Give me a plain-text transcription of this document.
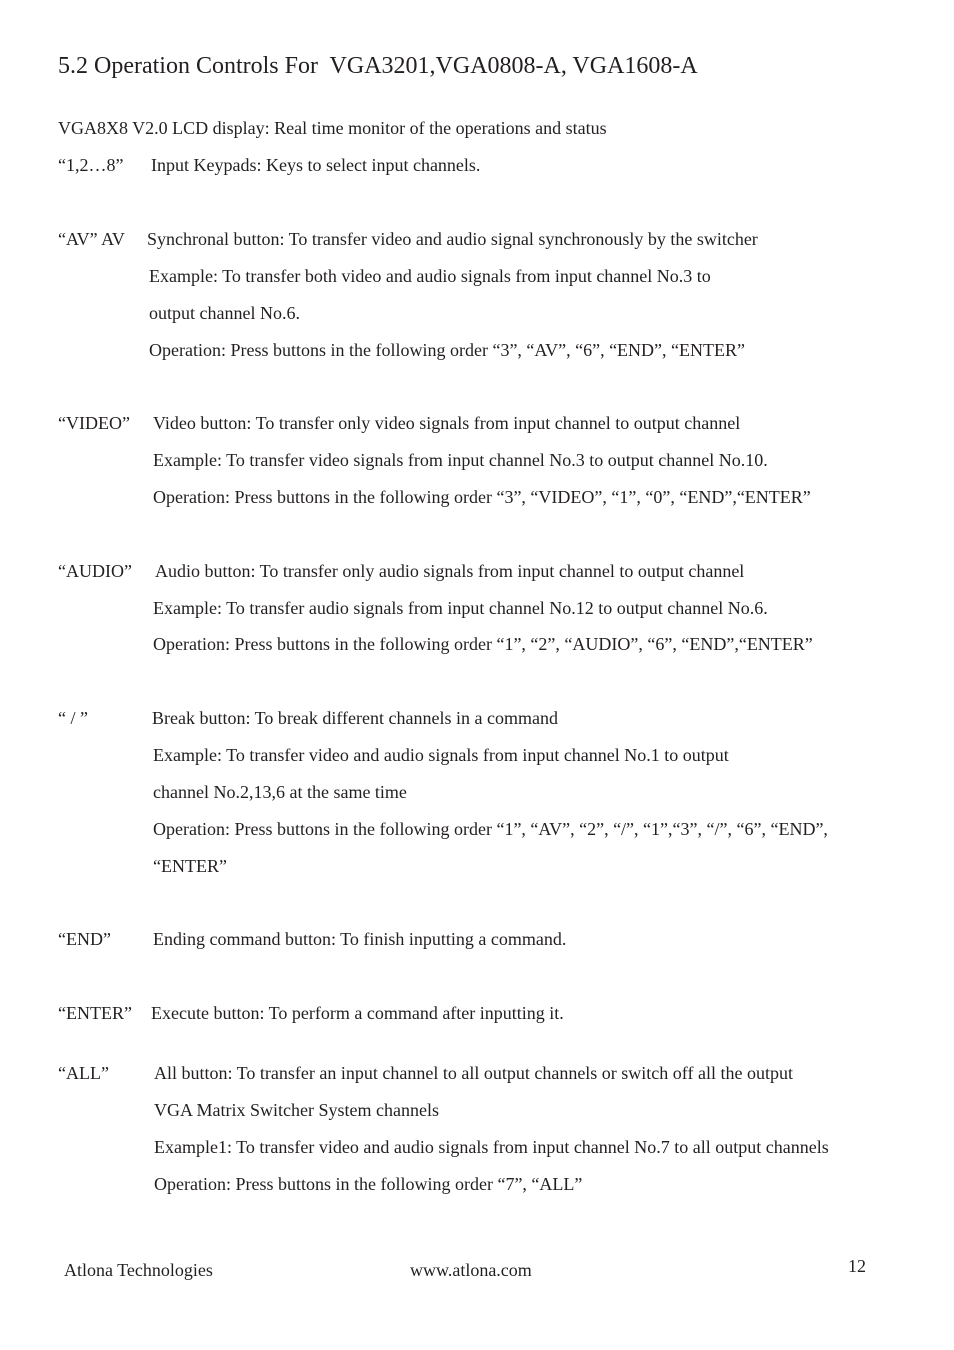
5.2 Operation Controls For  VGA3201,VGA0808-A, VGA1608-A
VGA8X8 V2.0 LCD display: Real time monitor of the operations and status
“1,2…8” Input Keypads: Keys to select input channels.
“AV” AV Synchronal button: To transfer video and audio signal synchronously by the switcher
Example: To transfer both video and audio signals from input channel No.3 to
output channel No.6.
Operation: Press buttons in the following order “3”, “AV”, “6”, “END”, “ENTER”
“VIDEO” Video button: To transfer only video signals from input channel to output channel
Example: To transfer video signals from input channel No.3 to output channel No.10.
Operation: Press buttons in the following order “3”, “VIDEO”, “1”, “0”, “END”,“ENTER”
“AUDIO” Audio button: To transfer only audio signals from input channel to output channel
Example: To transfer audio signals from input channel No.12 to output channel No.6.
Operation: Press buttons in the following order “1”, “2”, “AUDIO”, “6”, “END”,“ENTER”
“ / ”	Break button: To break different channels in a command
Example: To transfer video and audio signals from input channel No.1 to output
channel No.2,13,6 at the same time
Operation: Press buttons in the following order “1”, “AV”, “2”, “/”, “1”,“3”, “/”, “6”, “END”,
“ENTER”
“END” Ending command button: To finish inputting a command.
“ENTER” Execute button: To perform a command after inputting it.
“ALL”	All button: To transfer an input channel to all output channels or switch off all the output
VGA Matrix Switcher System channels
Example1: To transfer video and audio signals from input channel No.7 to all output channels
Operation: Press buttons in the following order “7”, “ALL”
Atlona Technologies	www.atlona.com	12
